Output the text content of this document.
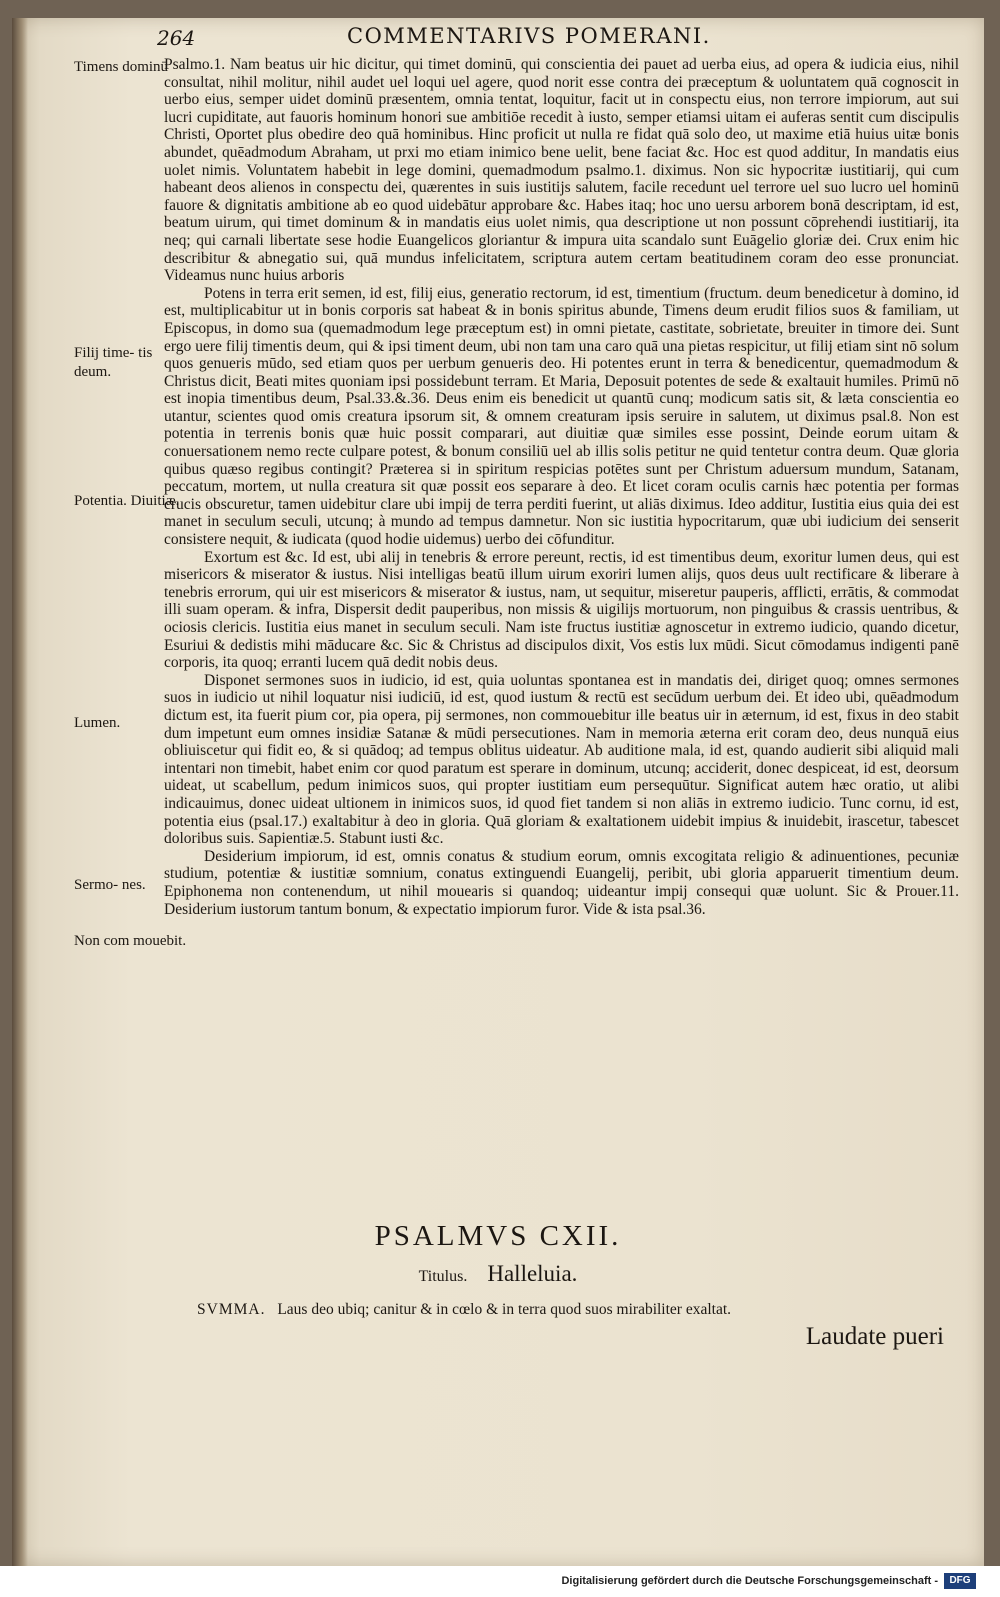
264	COMMENTARIVS POMERANI.
Timens dominū
Filij time‐ tis deum.
Potentia. Diuitiæ.
Lumen.
Sermo‐ nes.
Non com mouebit.

Psalmo.1. Nam beatus uir hic dicitur, qui timet dominū, qui conscientia dei pauet ad uerba eius, ad opera & iudicia eius, nihil consultat, nihil molitur, nihil audet uel loqui uel agere, quod norit esse contra dei præceptum & uoluntatem quā cognoscit in uerbo eius, semper uidet dominū præsentem, omnia tentat, loquitur, facit ut in conspectu eius, non terrore impiorum, aut sui lucri cupiditate, aut fauoris hominum honori sue ambitiōe recedit à iusto, semper etiamsi uitam ei auferas sentit cum discipulis Christi, Oportet plus obedire deo quā hominibus. Hinc proficit ut nulla re fidat quā solo deo, ut maxime etiā huius uitæ bonis abundet, quēadmodum Abraham, ut prxi mo etiam inimico bene uelit, bene faciat &c. Hoc est quod additur, In mandatis eius uolet nimis. Voluntatem habebit in lege domini, quemadmodum psalmo.1. diximus. Non sic hypocritæ iustitiarij, qui cum habeant deos alienos in conspectu dei, quærentes in suis iustitijs salutem, facile recedunt uel terrore uel suo lucro uel hominū fauore & dignitatis ambitione ab eo quod uidebātur approbare &c. Habes itaq; hoc uno uersu arborem bonā descriptam, id est, beatum uirum, qui timet dominum & in mandatis eius uolet nimis, qua descriptione ut non possunt cōprehendi iustitiarij, ita neq; qui carnali libertate sese hodie Euangelicos gloriantur & impura uita scandalo sunt Euāgelio gloriæ dei. Crux enim hic describitur & abnegatio sui, quā mundus infelicitatem, scriptura autem certam beatitudinem coram deo esse pronunciat. Videamus nunc huius arboris

Potens in terra erit semen, id est, filij eius, generatio rectorum, id est, timentium (fructum. deum benedicetur à domino, id est, multiplicabitur ut in bonis corporis sat habeat & in bonis spiritus abunde, Timens deum erudit filios suos & familiam, ut Episcopus, in domo sua (quemadmodum lege præceptum est) in omni pietate, castitate, sobrietate, breuiter in timore dei. Sunt ergo uere filij timentis deum, qui & ipsi timent deum, ubi non tam una caro quā una pietas respicitur, ut filij etiam sint nō solum quos genueris mūdo, sed etiam quos per uerbum genueris deo. Hi potentes erunt in terra & benedicentur, quemadmodum & Christus dicit, Beati mites quoniam ipsi possidebunt terram. Et Maria, Deposuit potentes de sede & exaltauit humiles. Primū nō est inopia timentibus deum, Psal.33.&.36. Deus enim eis benedicit ut quantū cunq; modicum satis sit, & læta conscientia eo utantur, scientes quod omis creatura ipsorum sit, & omnem creaturam ipsis seruire in salutem, ut diximus psal.8. Non est potentia in terrenis bonis quæ huic possit comparari, aut diuitiæ quæ similes esse possint, Deinde eorum uitam & conuersationem nemo recte culpare potest, & bonum consiliū uel ab illis solis petitur ne quid tentetur contra deum. Quæ gloria quibus quæso regibus contingit? Præterea si in spiritum respicias potētes sunt per Christum aduersum mundum, Satanam, peccatum, mortem, ut nulla creatura sit quæ possit eos separare à deo. Et licet coram oculis carnis hæc potentia per formas crucis obscuretur, tamen uidebitur clare ubi impij de terra perditi fuerint, ut aliās diximus. Ideo additur, Iustitia eius quia dei est manet in seculum seculi, utcunq; à mundo ad tempus damnetur. Non sic iustitia hypocritarum, quæ ubi iudicium dei senserit consistere nequit, & iudicata (quod hodie uidemus) uerbo dei cōfunditur.

Exortum est &c. Id est, ubi alij in tenebris & errore pereunt, rectis, id est timentibus deum, exoritur lumen deus, qui est misericors & miserator & iustus. Nisi intelligas beatū illum uirum exoriri lumen alijs, quos deus uult rectificare & liberare à tenebris errorum, qui uir est misericors & miserator & iustus, nam, ut sequitur, miseretur pauperis, afflicti, errātis, & commodat illi suam operam. & infra, Dispersit dedit pauperibus, non missis & uigilijs mortuorum, non pinguibus & crassis uentribus, & ociosis clericis. Iustitia eius manet in seculum seculi. Nam iste fructus iustitiæ agnoscetur in extremo iudicio, quando dicetur, Esuriui & dedistis mihi māducare &c. Sic & Christus ad discipulos dixit, Vos estis lux mūdi. Sicut cōmodamus indigenti panē corporis, ita quoq; erranti lucem quā dedit nobis deus.

Disponet sermones suos in iudicio, id est, quia uoluntas spontanea est in mandatis dei, diriget quoq; omnes sermones suos in iudicio ut nihil loquatur nisi iudiciū, id est, quod iustum & rectū est secūdum uerbum dei. Et ideo ubi, quēadmodum dictum est, ita fuerit pium cor, pia opera, pij sermones, non commouebitur ille beatus uir in æternum, id est, fixus in deo stabit dum impetunt eum omnes insidiæ Satanæ & mūdi persecutiones. Nam in memoria æterna erit coram deo, deus nunquā eius obliuiscetur qui fidit eo, & si quādoq; ad tempus oblitus uideatur. Ab auditione mala, id est, quando audierit sibi aliquid mali intentari non timebit, habet enim cor quod paratum est sperare in dominum, utcunq; acciderit, donec despiceat, id est, deorsum uideat, ut scabellum, pedum inimicos suos, qui propter iustitiam eum persequūtur. Significat autem hæc oratio, ut alibi indicauimus, donec uideat ultionem in inimicos suos, id quod fiet tandem si non aliās in extremo iudicio. Tunc cornu, id est, potentia eius (psal.17.) exaltabitur à deo in gloria. Quā gloriam & exaltationem uidebit impius & inuidebit, irascetur, tabescet doloribus suis. Sapientiæ.5. Stabunt iusti &c.

Desiderium impiorum, id est, omnis conatus & studium eorum, omnis excogitata religio & adinuentiones, pecuniæ studium, potentiæ & iustitiæ somnium, conatus extinguendi Euangelij, peribit, ubi gloria apparuerit timentium deum. Epiphonema non contenendum, ut nihil mouearis si quandoq; uideantur impij consequi quæ uolunt. Sic & Prouer.11. Desiderium iustorum tantum bonum, & expectatio impiorum furor. Vide & ista psal.36.

PSALMVS CXII.
Titulus. Halleluia.
SVMMA. Laus deo ubiq; canitur & in cœlo & in terra quod suos mirabiliter exaltat.
Laudate pueri
Digitalisierung gefördert durch die Deutsche Forschungsgemeinschaft -	DFG
